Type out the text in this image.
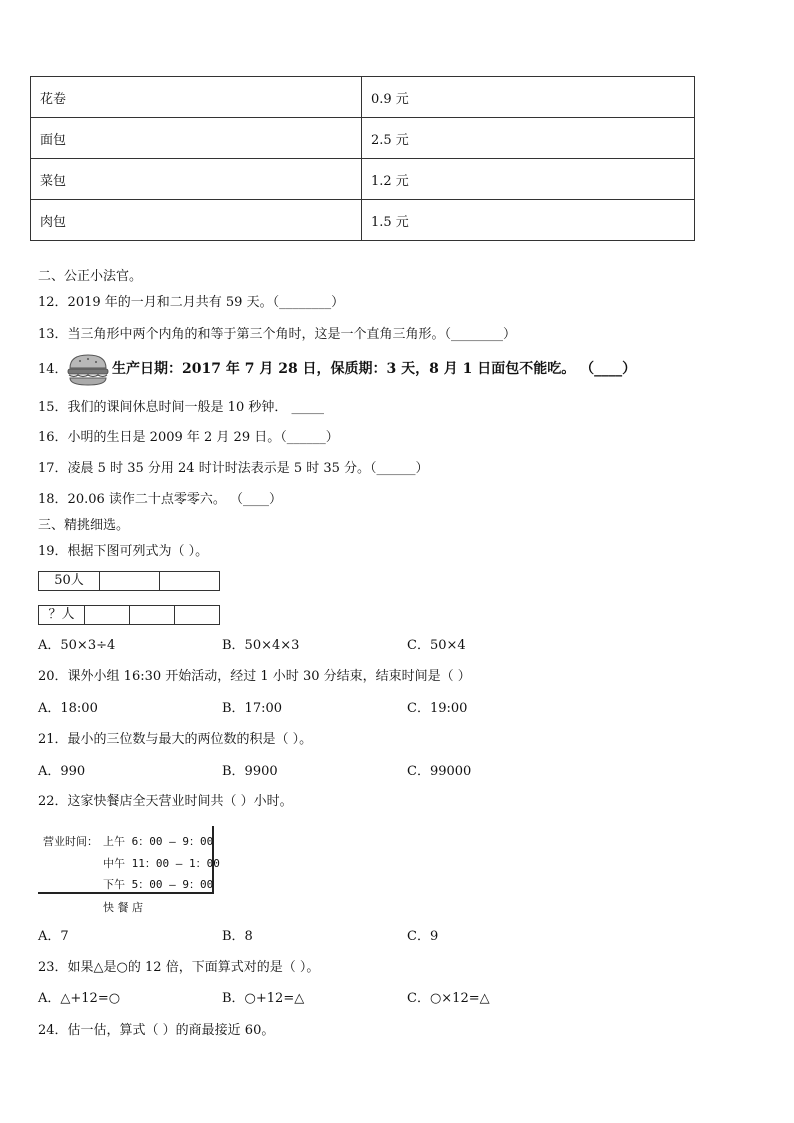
花卷	0.9 元
面包	2.5 元
菜包	1.2 元
肉包	1.5 元
二、公正小法官。
12．2019 年的一月和二月共有 59 天。（________）
13．当三角形中两个内角的和等于第三个角时，这是一个直角三角形。（________）
14．	生产日期：2017 年 7 月 28 日，保质期：3 天，8 月 1 日面包不能吃。 （____）
15．我们的课间休息时间一般是 10 秒钟． _____
16．小明的生日是 2009 年 2 月 29 日。（______）
17．凌晨 5 时 35 分用 24 时计时法表示是 5 时 35 分。（______）
18．20.06 读作二十点零零六。 （____）
三、精挑细选。
19．根据下图可列式为（ ）。
50人
？人
A．50×3÷4	B．50×4×3	C．50×4
20．课外小组 16:30 开始活动，经过 1 小时 30 分结束，结束时间是（ ）
A．18:00	B．17:00	C．19:00
21．最小的三位数与最大的两位数的积是（ ）。
A．990	B．9900	C．99000
22．这家快餐店全天营业时间共（ ）小时。
营业时间： 上午 6：00 — 9：00
中午 11：00 — 1：00
下午 5：00 — 9：00
快 餐 店
A．7	B．8	C．9
23．如果△是○的 12 倍，下面算式对的是（ ）。
A．△+12=○	B．○+12=△	C．○×12=△
24．估一估，算式（ ）的商最接近 60。
